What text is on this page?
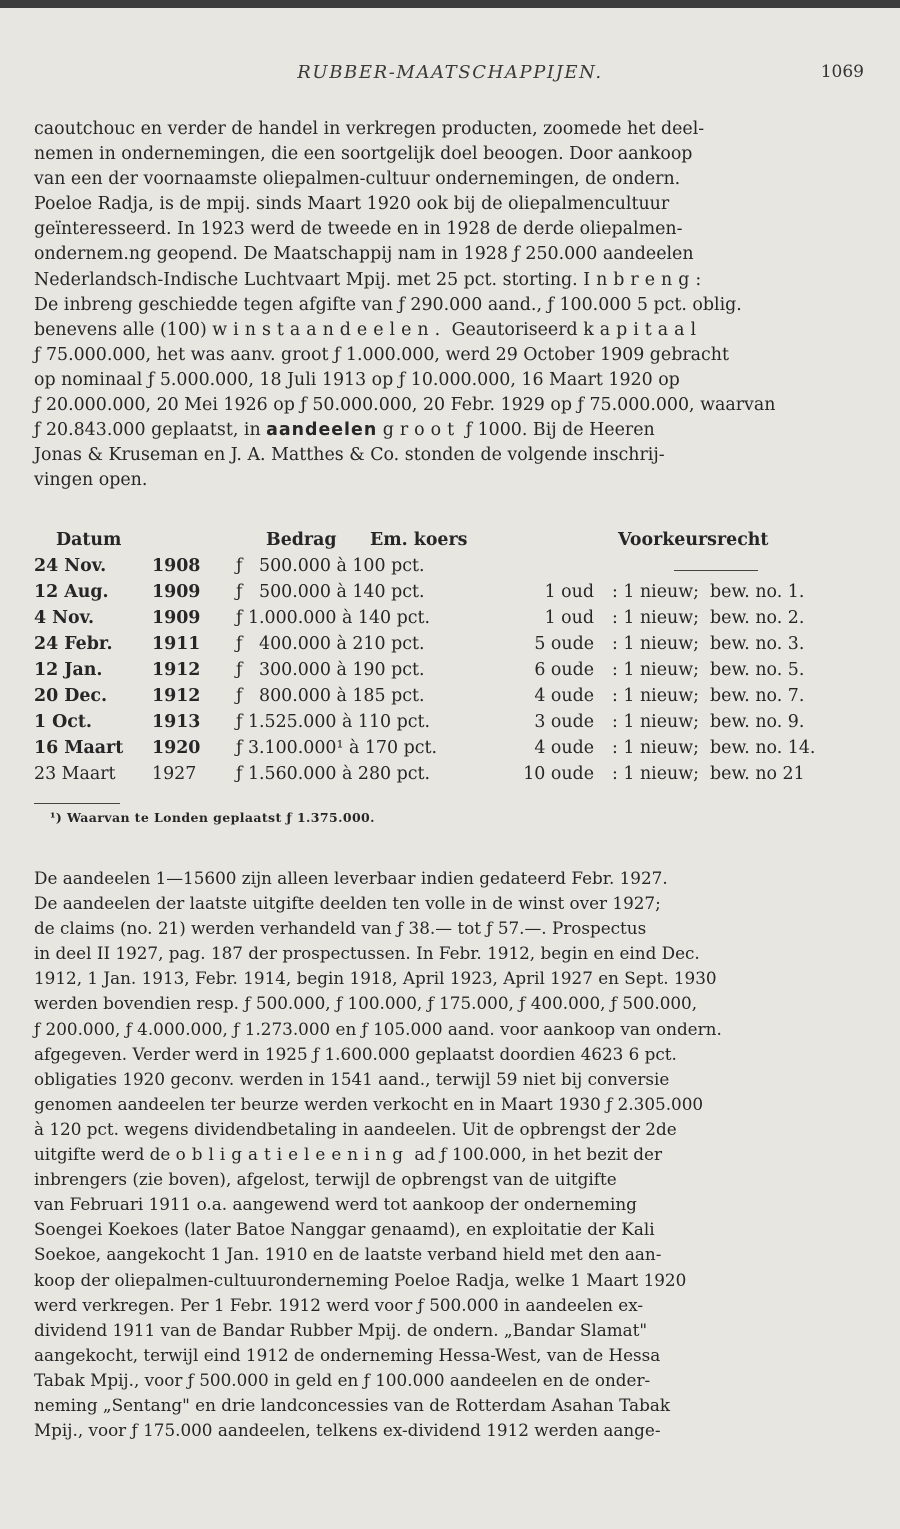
RUBBER-MAATSCHAPPIJEN.	1069
caoutchouc en verder de handel in verkregen producten, zoomede het deel-
nemen in ondernemingen, die een soortgelijk doel beoogen. Door aankoop
van een der voornaamste oliepalmen-cultuur ondernemingen, de ondern.
Poeloe Radja, is de mpij. sinds Maart 1920 ook bij de oliepalmencultuur
geïnteresseerd. In 1923 werd de tweede en in 1928 de derde oliepalmen-
ondernem.ng geopend. De Maatschappij nam in 1928 ƒ 250.000 aandeelen
Nederlandsch-Indische Luchtvaart Mpij. met 25 pct. storting. Inbreng:
De inbreng geschiedde tegen afgifte van ƒ 290.000 aand., ƒ 100.000 5 pct. oblig.
benevens alle (100) winstaandeelen. Geautoriseerd kapitaal
ƒ 75.000.000, het was aanv. groot ƒ 1.000.000, werd 29 October 1909 gebracht
op nominaal ƒ 5.000.000, 18 Juli 1913 op ƒ 10.000.000, 16 Maart 1920 op
ƒ 20.000.000, 20 Mei 1926 op ƒ 50.000.000, 20 Febr. 1929 op ƒ 75.000.000, waarvan
ƒ 20.843.000 geplaatst, in aandeelen groot ƒ 1000. Bij de Heeren
Jonas & Kruseman en J. A. Matthes & Co. stonden de volgende inschrij-
vingen open.
Datum	Bedrag Em. koers	Voorkeursrecht
24 Nov.	1908	ƒ   500.000 à 100 pct.
12 Aug.	1909	ƒ   500.000 à 140 pct.	1 oud : 1 nieuw;  bew. no. 1.
4 Nov.	1909	ƒ 1.000.000 à 140 pct.	1 oud : 1 nieuw;  bew. no. 2.
24 Febr.	1911	ƒ   400.000 à 210 pct.	5 oude : 1 nieuw;  bew. no. 3.
12 Jan.	1912	ƒ   300.000 à 190 pct.	6 oude : 1 nieuw;  bew. no. 5.
20 Dec.	1912	ƒ   800.000 à 185 pct.	4 oude : 1 nieuw;  bew. no. 7.
1 Oct.	1913	ƒ 1.525.000 à 110 pct.	3 oude : 1 nieuw;  bew. no. 9.
16 Maart	1920	ƒ 3.100.000¹ à 170 pct.	4 oude : 1 nieuw;  bew. no. 14.
23 Maart	1927	ƒ 1.560.000 à 280 pct.	10 oude : 1 nieuw;  bew. no 21
¹) Waarvan te Londen geplaatst ƒ 1.375.000.
De aandeelen 1—15600 zijn alleen leverbaar indien gedateerd Febr. 1927.
De aandeelen der laatste uitgifte deelden ten volle in de winst over 1927;
de claims (no. 21) werden verhandeld van ƒ 38.— tot ƒ 57.—. Prospectus
in deel II 1927, pag. 187 der prospectussen. In Febr. 1912, begin en eind Dec.
1912, 1 Jan. 1913, Febr. 1914, begin 1918, April 1923, April 1927 en Sept. 1930
werden bovendien resp. ƒ 500.000, ƒ 100.000, ƒ 175.000, ƒ 400.000, ƒ 500.000,
ƒ 200.000, ƒ 4.000.000, ƒ 1.273.000 en ƒ 105.000 aand. voor aankoop van ondern.
afgegeven. Verder werd in 1925 ƒ 1.600.000 geplaatst doordien 4623 6 pct.
obligaties 1920 geconv. werden in 1541 aand., terwijl 59 niet bij conversie
genomen aandeelen ter beurze werden verkocht en in Maart 1930 ƒ 2.305.000
à 120 pct. wegens dividendbetaling in aandeelen. Uit de opbrengst der 2de
uitgifte werd de obligatieleening ad ƒ 100.000, in het bezit der
inbrengers (zie boven), afgelost, terwijl de opbrengst van de uitgifte
van Februari 1911 o.a. aangewend werd tot aankoop der onderneming
Soengei Koekoes (later Batoe Nanggar genaamd), en exploitatie der Kali
Soekoe, aangekocht 1 Jan. 1910 en de laatste verband hield met den aan-
koop der oliepalmen-cultuuronderneming Poeloe Radja, welke 1 Maart 1920
werd verkregen. Per 1 Febr. 1912 werd voor ƒ 500.000 in aandeelen ex-
dividend 1911 van de Bandar Rubber Mpij. de ondern. „Bandar Slamat"
aangekocht, terwijl eind 1912 de onderneming Hessa-West, van de Hessa
Tabak Mpij., voor ƒ 500.000 in geld en ƒ 100.000 aandeelen en de onder-
neming „Sentang" en drie landconcessies van de Rotterdam Asahan Tabak
Mpij., voor ƒ 175.000 aandeelen, telkens ex-dividend 1912 werden aange-
